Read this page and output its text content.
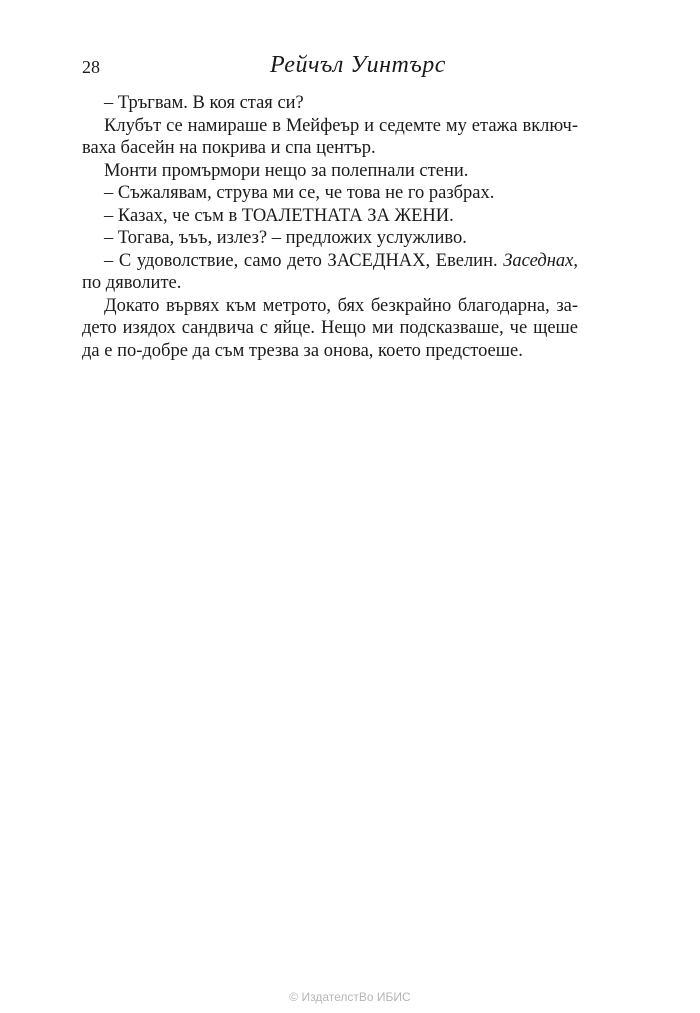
28	Рейчъл Уинтърс

– Тръгвам. В коя стая си?

Клубът се намираше в Мейфеър и седемте му етажа включ-
ваха басейн на покрива и спа център.

Монти промърмори нещо за полепнали стени.

– Съжалявам, струва ми се, че това не го разбрах.

– Казах, че съм в ТОАЛЕТНАТА ЗА ЖЕНИ.

– Тогава, ъъъ, излез? – предложих услужливо.

– С удоволствие, само дето ЗАСЕДНАХ, Евелин. Заседнах,
по дяволите.

Докато вървях към метрото, бях безкрайно благодарна, за-
дето изядох сандвича с яйце. Нещо ми подсказваше, че щеше
да е по-добре да съм трезва за онова, което предстоеше.

© ИздателстВо ИБИС
